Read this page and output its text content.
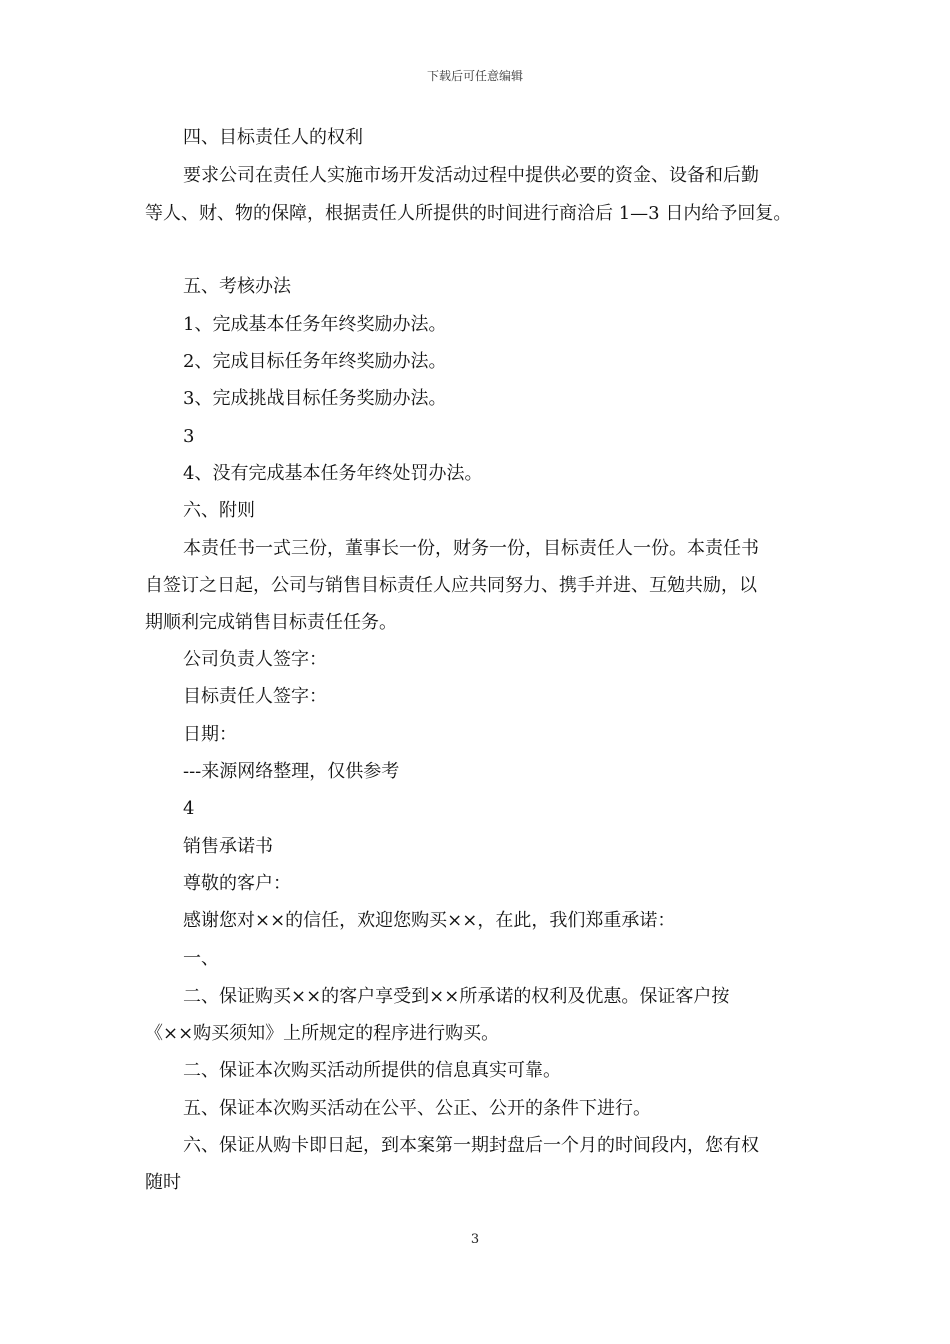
下载后可任意编辑
四、目标责任人的权利
要求公司在责任人实施市场开发活动过程中提供必要的资金、设备和后勤
等人、财、物的保障，根据责任人所提供的时间进行商洽后 1—3 日内给予回复。
五、考核办法
1、完成基本任务年终奖励办法。
2、完成目标任务年终奖励办法。
3、完成挑战目标任务奖励办法。
3
4、没有完成基本任务年终处罚办法。
六、附则
本责任书一式三份，董事长一份，财务一份，目标责任人一份。本责任书
自签订之日起，公司与销售目标责任人应共同努力、携手并进、互勉共励，以
期顺利完成销售目标责任任务。
公司负责人签字：
目标责任人签字：
日期：
---来源网络整理，仅供参考
4
销售承诺书
尊敬的客户：
感谢您对××的信任，欢迎您购买××，在此，我们郑重承诺：
一、
二、保证购买××的客户享受到××所承诺的权利及优惠。保证客户按
《××购买须知》上所规定的程序进行购买。
二、保证本次购买活动所提供的信息真实可靠。
五、保证本次购买活动在公平、公正、公开的条件下进行。
六、保证从购卡即日起，到本案第一期封盘后一个月的时间段内，您有权
随时
3
